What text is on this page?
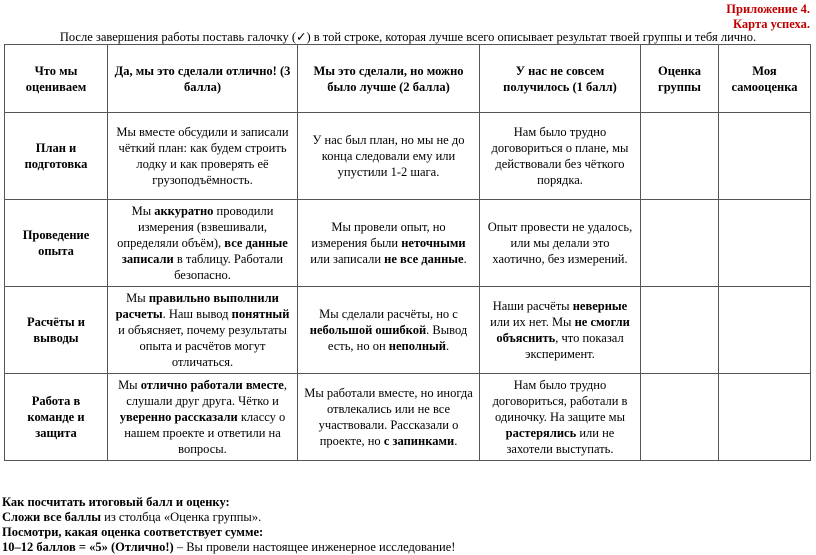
Приложение 4.
Карта успеха.
После завершения работы поставь галочку (✓) в той строке, которая лучше всего описывает результат твоей группы и тебя лично.
Что мы оцениваем	Да, мы это сделали отлично! (3 балла)	Мы это сделали, но можно было лучше (2 балла)	У нас не совсем получилось (1 балл)	Оценка группы	Моя самооценка
План и подготовка	Мы вместе обсудили и записали чёткий план: как будем строить лодку и как проверять её грузоподъёмность.	У нас был план, но мы не до конца следовали ему или упустили 1-2 шага.	Нам было трудно договориться о плане, мы действовали без чёткого порядка.		
Проведение опыта	Мы аккуратно проводили измерения (взвешивали, определяли объём), все данные записали в таблицу. Работали безопасно.	Мы провели опыт, но измерения были неточными или записали не все данные.	Опыт провести не удалось, или мы делали это хаотично, без измерений.		
Расчёты и выводы	Мы правильно выполнили расчеты. Наш вывод понятный и объясняет, почему результаты опыта и расчётов могут отличаться.	Мы сделали расчёты, но с небольшой ошибкой. Вывод есть, но он неполный.	Наши расчёты неверные или их нет. Мы не смогли объяснить, что показал эксперимент.		
Работа в команде и защита	Мы отлично работали вместе, слушали друг друга. Чётко и уверенно рассказали классу о нашем проекте и ответили на вопросы.	Мы работали вместе, но иногда отвлекались или не все участвовали. Рассказали о проекте, но с запинками.	Нам было трудно договориться, работали в одиночку. На защите мы растерялись или не захотели выступать.		
Как посчитать итоговый балл и оценку:
Сложи все баллы из столбца «Оценка группы».
Посмотри, какая оценка соответствует сумме:
10–12 баллов = «5» (Отлично!) – Вы провели настоящее инженерное исследование!
